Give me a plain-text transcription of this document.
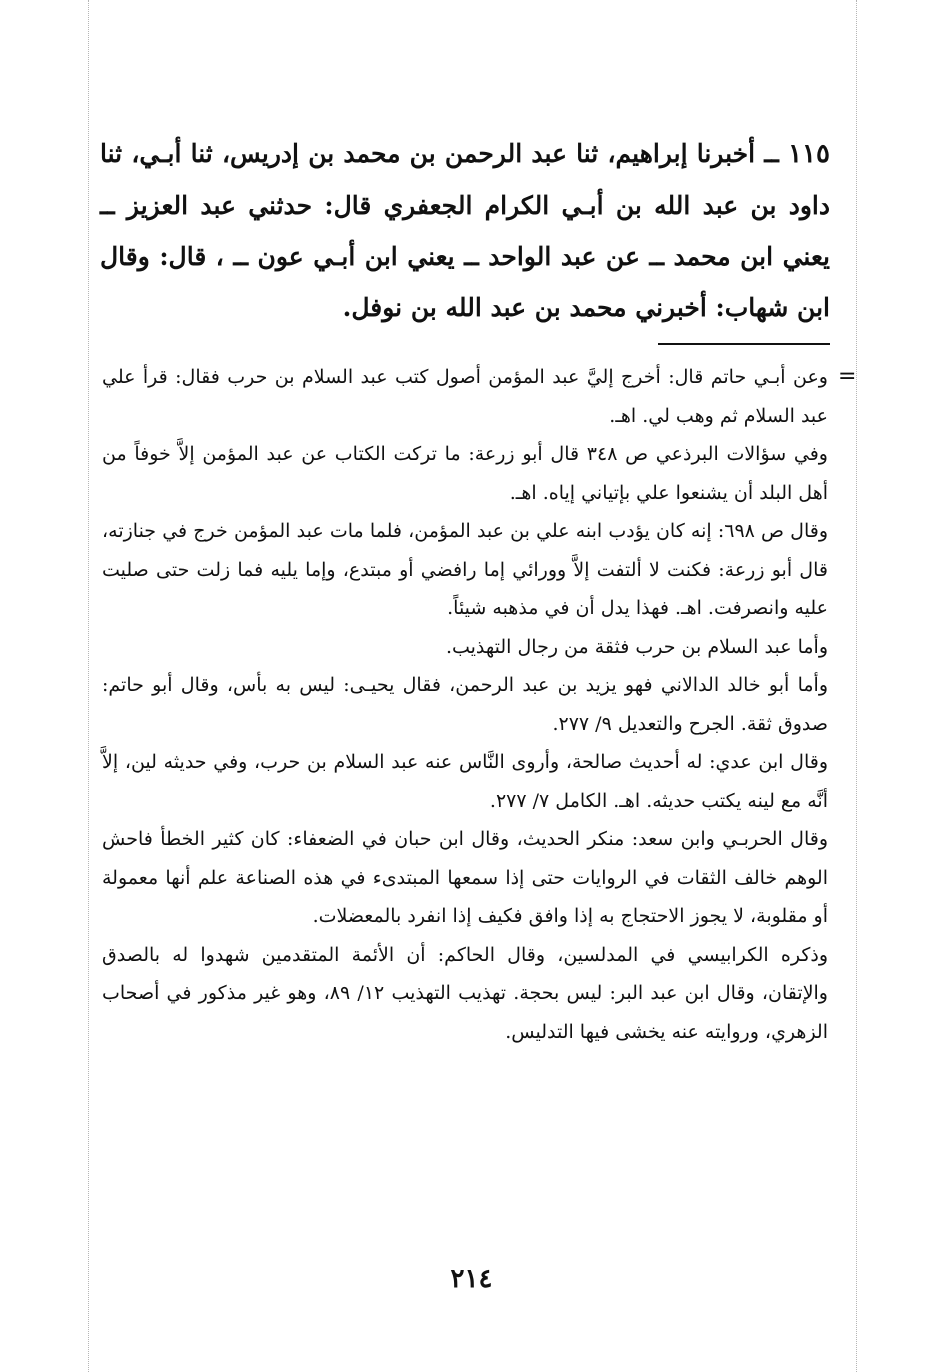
١١٥ ــ أخبرنا إبراهيم، ثنا عبد الرحمن بن محمد بن إدريس، ثنا أبـي، ثنا داود بن عبد الله بن أبـي الكرام الجعفري قال: حدثني عبد العزيز ــ يعني ابن محمد ــ عن عبد الواحد ــ يعني ابن أبـي عون ــ ، قال: وقال ابن شهاب: أخبرني محمد بن عبد الله بن نوفل.
=

وعن أبـي حاتم قال: أخرج إليَّ عبد المؤمن أصول كتب عبد السلام بن حرب فقال: قرأ علي عبد السلام ثم وهب لي. اهـ.

وفي سؤالات البرذعي ص ٣٤٨ قال أبو زرعة: ما تركت الكتاب عن عبد المؤمن إلاَّ خوفاً من أهل البلد أن يشنعوا علي بإتياني إياه. اهـ.

وقال ص ٦٩٨: إنه كان يؤدب ابنه علي بن عبد المؤمن، فلما مات عبد المؤمن خرج في جنازته، قال أبو زرعة: فكنت لا ألتفت إلاَّ وورائي إما رافضي أو مبتدع، وإما يليه فما زلت حتى صليت عليه وانصرفت. اهـ. فهذا يدل أن في مذهبه شيئاً.

وأما عبد السلام بن حرب فثقة من رجال التهذيب.

وأما أبو خالد الدالاني فهو يزيد بن عبد الرحمن، فقال يحيـى: ليس به بأس، وقال أبو حاتم: صدوق ثقة. الجرح والتعديل ٩/ ٢٧٧.

وقال ابن عدي: له أحديث صالحة، وأروى النَّاس عنه عبد السلام بن حرب، وفي حديثه لين، إلاَّ أنَّه مع لينه يكتب حديثه. اهـ. الكامل ٧/ ٢٧٧.

وقال الحربـي وابن سعد: منكر الحديث، وقال ابن حبان في الضعفاء: كان كثير الخطأ فاحش الوهم خالف الثقات في الروايات حتى إذا سمعها المبتدىء في هذه الصناعة علم أنها معمولة أو مقلوبة، لا يجوز الاحتجاج به إذا وافق فكيف إذا انفرد بالمعضلات.

وذكره الكرابيسي في المدلسين، وقال الحاكم: أن الأئمة المتقدمين شهدوا له بالصدق والإتقان، وقال ابن عبد البر: ليس بحجة. تهذيب التهذيب ١٢/ ٨٩، وهو غير مذكور في أصحاب الزهري، وروايته عنه يخشى فيها التدليس.

٢١٤
